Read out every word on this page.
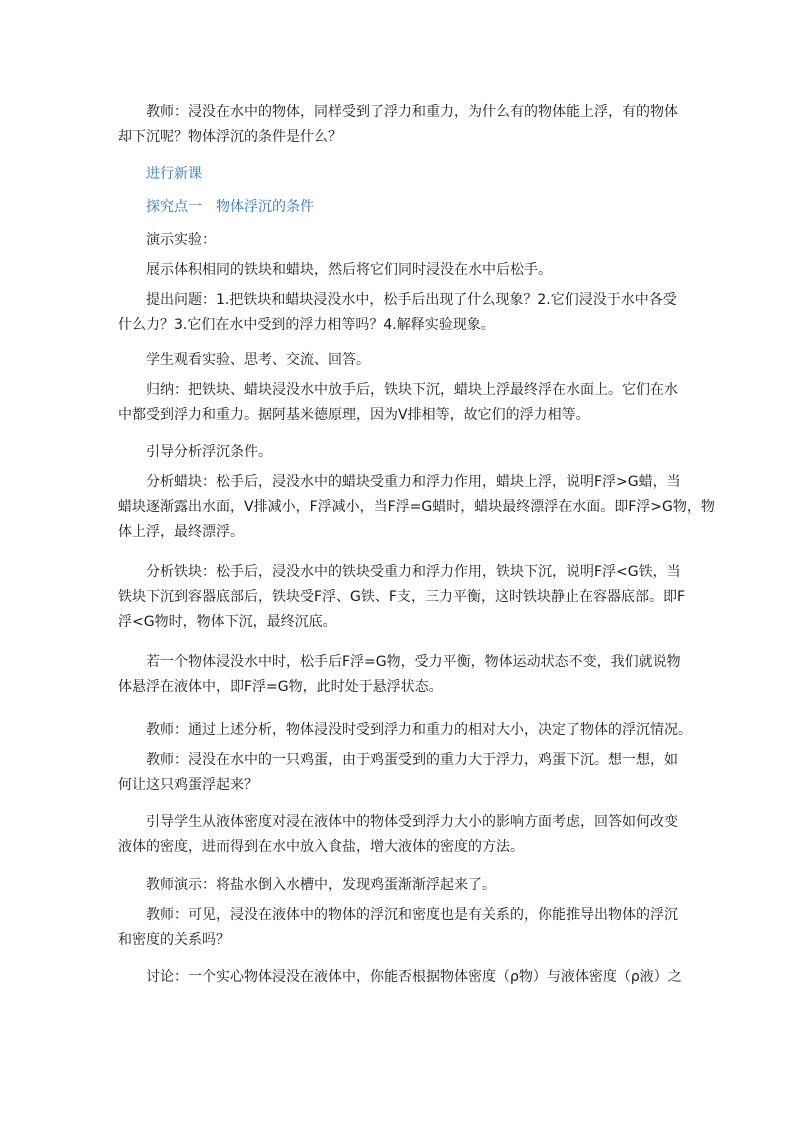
教师：浸没在水中的物体，同样受到了浮力和重力，为什么有的物体能上浮，有的物体
却下沉呢？物体浮沉的条件是什么？
进行新课
探究点一　物体浮沉的条件
演示实验：
展示体积相同的铁块和蜡块，然后将它们同时浸没在水中后松手。
提出问题：1.把铁块和蜡块浸没水中，松手后出现了什么现象？2.它们浸没于水中各受
什么力？3.它们在水中受到的浮力相等吗？4.解释实验现象。
学生观看实验、思考、交流、回答。
归纳：把铁块、蜡块浸没水中放手后，铁块下沉，蜡块上浮最终浮在水面上。它们在水
中都受到浮力和重力。据阿基米德原理，因为V排相等，故它们的浮力相等。
引导分析浮沉条件。
分析蜡块：松手后，浸没水中的蜡块受重力和浮力作用，蜡块上浮，说明F浮>G蜡，当
蜡块逐渐露出水面，V排减小，F浮减小，当F浮=G蜡时，蜡块最终漂浮在水面。即F浮>G物，物
体上浮，最终漂浮。
分析铁块：松手后，浸没水中的铁块受重力和浮力作用，铁块下沉，说明F浮<G铁，当
铁块下沉到容器底部后，铁块受F浮、G铁、F支，三力平衡，这时铁块静止在容器底部。即F
浮<G物时，物体下沉，最终沉底。
若一个物体浸没水中时，松手后F浮=G物，受力平衡，物体运动状态不变，我们就说物
体悬浮在液体中，即F浮=G物，此时处于悬浮状态。
教师：通过上述分析，物体浸没时受到浮力和重力的相对大小，决定了物体的浮沉情况。
教师：浸没在水中的一只鸡蛋，由于鸡蛋受到的重力大于浮力，鸡蛋下沉。想一想，如
何让这只鸡蛋浮起来？
引导学生从液体密度对浸在液体中的物体受到浮力大小的影响方面考虑，回答如何改变
液体的密度，进而得到在水中放入食盐，增大液体的密度的方法。
教师演示：将盐水倒入水槽中，发现鸡蛋渐渐浮起来了。
教师：可见，浸没在液体中的物体的浮沉和密度也是有关系的，你能推导出物体的浮沉
和密度的关系吗？
讨论：一个实心物体浸没在液体中，你能否根据物体密度（ρ物）与液体密度（ρ液）之
